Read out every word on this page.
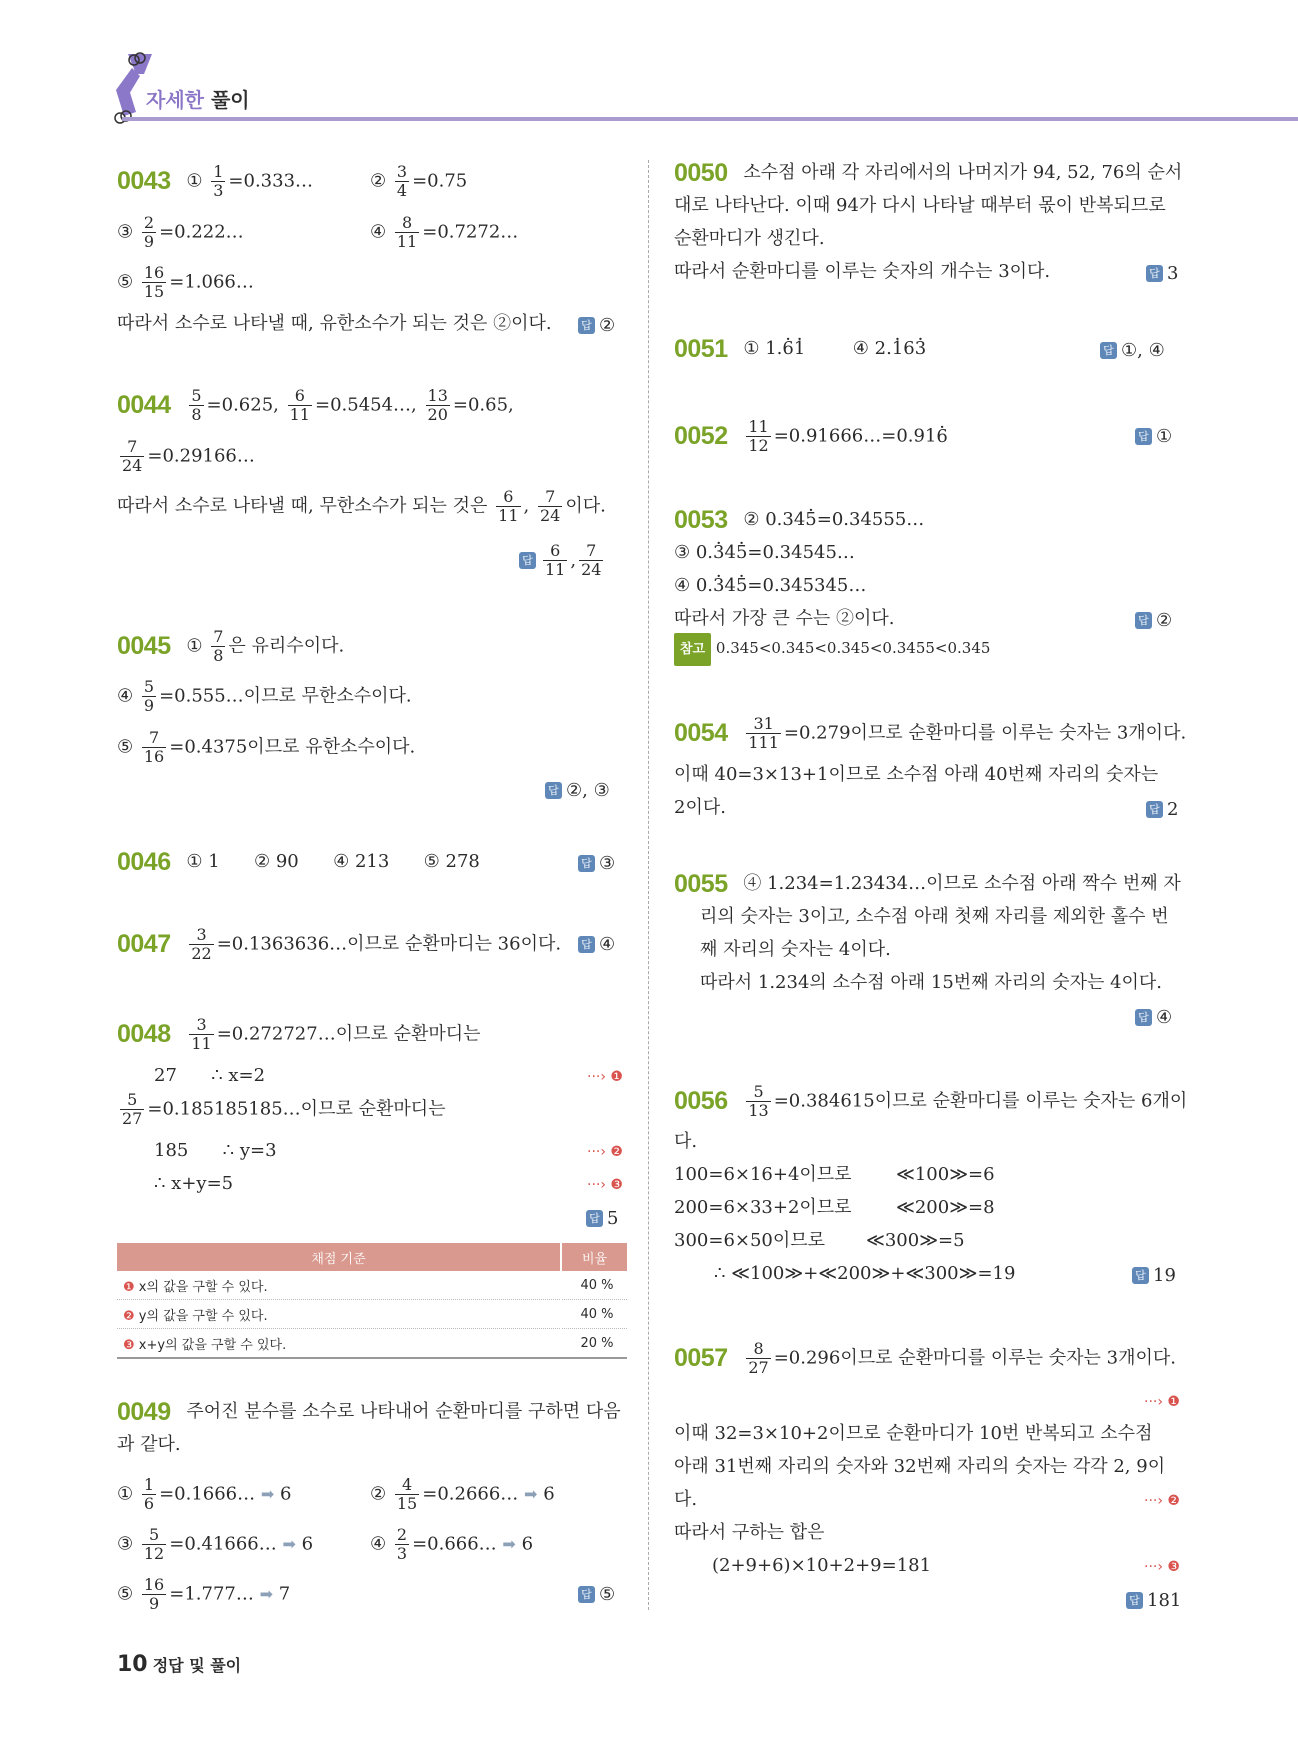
자세한 풀이
0043 ① $\frac{1}{3}$ =0.333…	② $\frac{3}{4} =0.75$
③ $\frac{2}{9}$ =0.222…	④ $\frac{8}{11}$ =0.7272…
⑤ $\frac{16}{15}$ =1.066…
따라서 소수로 나타낼 때, 유한소수가 되는 것은 ②이다.	답 ②
$0044 \frac{5}{8} =0.625$, $\frac{6}{11}$ =0.5454…, $\frac{13}{20} =0.65$,
$\frac{7}{24}$ =0.29166…
따라서 소수로 나타낼 때, 무한소수가 되는 것은 $\frac{6}{11}$ , $\frac{7}{24}$ 이다.
답 $\frac{6}{11}$ , $\frac{7}{24}$
0045 ① $\frac{7}{8}$ 은 유리수이다.
④ $\frac{5}{9}$ =0.555…이므로 무한소수이다.
⑤ $\frac{7}{16} =0.4375$이므로 유한소수이다.
답 ②, ③
0046 ① 1      ② 90      ④ 213      ⑤ 278	답 ③
$0047 \frac{3}{22}$ =0.1363636…이므로 순환마디는 36이다. 답 ④
$0048 \frac{3}{11}$ =0.272727…이므로 순환마디는
27      ∴ x=2	···› ❶
$\frac{5}{27}$ =0.185185185…이므로 순환마디는
185      ∴ y=3	···› ❷
∴ x+y=5	···› ❸
답 5
채점 기준	비율
❶ x의 값을 구할 수 있다.	40 %
❷ y의 값을 구할 수 있다.	40 %
❸ x+y의 값을 구할 수 있다.	20 %
0049 주어진 분수를 소수로 나타내어 순환마디를 구하면 다음
과 같다.
① $\frac{1}{6}$ =0.1666… ➡ 6	② $\frac{4}{15}$ =0.2666… ➡ 6
③ $\frac{5}{12}$ =0.41666… ➡ 6	④ $\frac{2}{3}$ =0.666… ➡ 6
⑤ $\frac{16}{9}$ =1.777… ➡ 7	답 ⑤
0050 소수점 아래 각 자리에서의 나머지가 94, 52, 76의 순서
대로 나타난다. 이때 94가 다시 나타날 때부터 몫이 반복되므로
순환마디가 생긴다.
따라서 순환마디를 이루는 숫자의 개수는 3이다.	답 3
0051 ① 1.6 ·1 ·	④ 2.1 ·63 ·	답 ①, ④
$0052 \frac{11}{12}$ =0.91666…=0.916 ·	답 ①
0053 ② 0.345 ·=0.34555…
③ 0.3 ·45 ·=0.34545…
④ 0.3 ·45 ·=0.345345…
따라서 가장 큰 수는 ②이다.	답 ②
참고 0.345<0.345<0.345<0.3455<0.345
$0054 \frac{31}{111} =0.279$이므로 순환마디를 이루는 숫자는 3개이다.
이때 40=3×13+1이므로 소수점 아래 40번째 자리의 숫자는
2이다.	답 2
0055 ④ 1.234=1.23434…이므로 소수점 아래 짝수 번째 자
리의 숫자는 3이고, 소수점 아래 첫째 자리를 제외한 홀수 번
째 자리의 숫자는 4이다.
따라서 1.234의 소수점 아래 15번째 자리의 숫자는 4이다.
답 ④
$0056 \frac{5}{13} =0.384615$이므로 순환마디를 이루는 숫자는 6개이
다.
100=6×16+4이므로 ≪100≫=6
200=6×33+2이므로 ≪200≫=8
300=6×50이므로 ≪300≫=5
∴ ≪100≫+≪200≫+≪300≫=19	답 19
$0057 \frac{8}{27} =0.296$이므로 순환마디를 이루는 숫자는 3개이다.
···› ❶
이때 32=3×10+2이므로 순환마디가 10번 반복되고 소수점
아래 31번째 자리의 숫자와 32번째 자리의 숫자는 각각 2, 9이
다.	···› ❷
따라서 구하는 합은
(2+9+6)×10+2+9=181	···› ❸
답 181
10 정답 및 풀이
